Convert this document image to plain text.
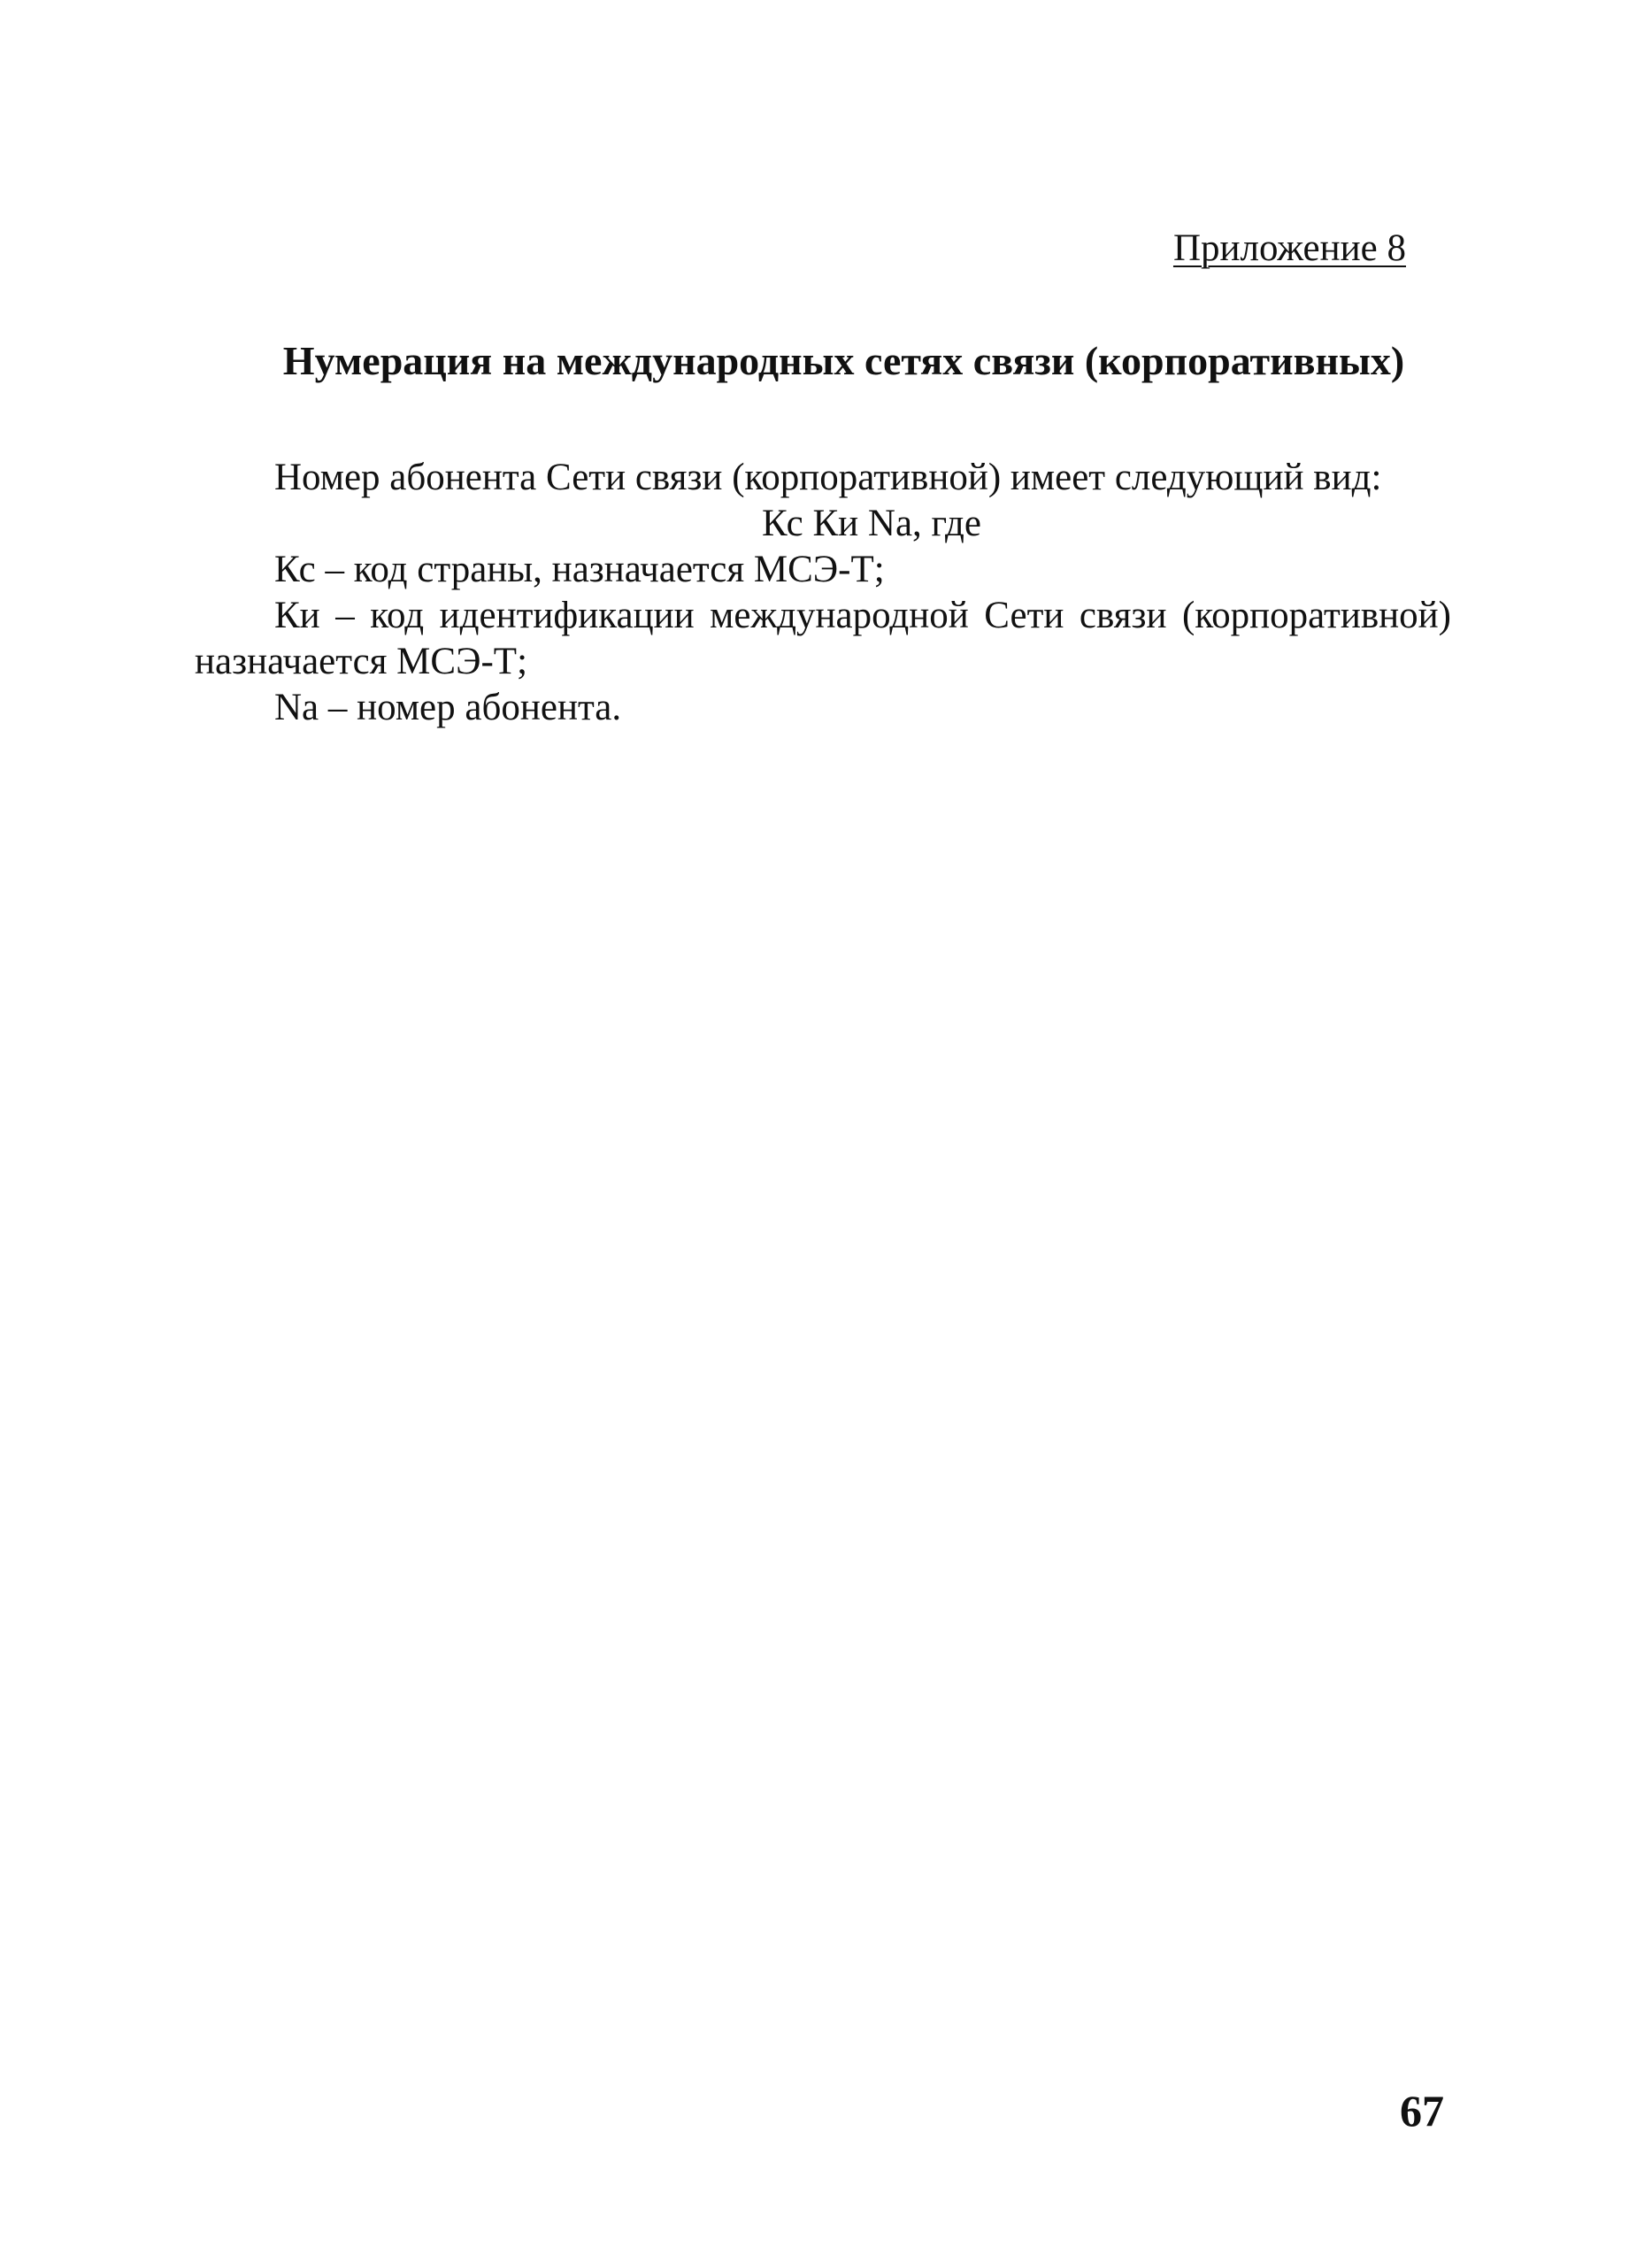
Приложение 8
Нумерация на международных сетях связи (корпоративных)

Номер абонента Сети связи (корпоративной) имеет следующий вид:

Кс Ки Na, где

Кс – код страны, назначается МСЭ-Т;

Ки – код идентификации международной Сети связи (корпоративной) назначается МСЭ-Т;

Na – номер абонента.

67
